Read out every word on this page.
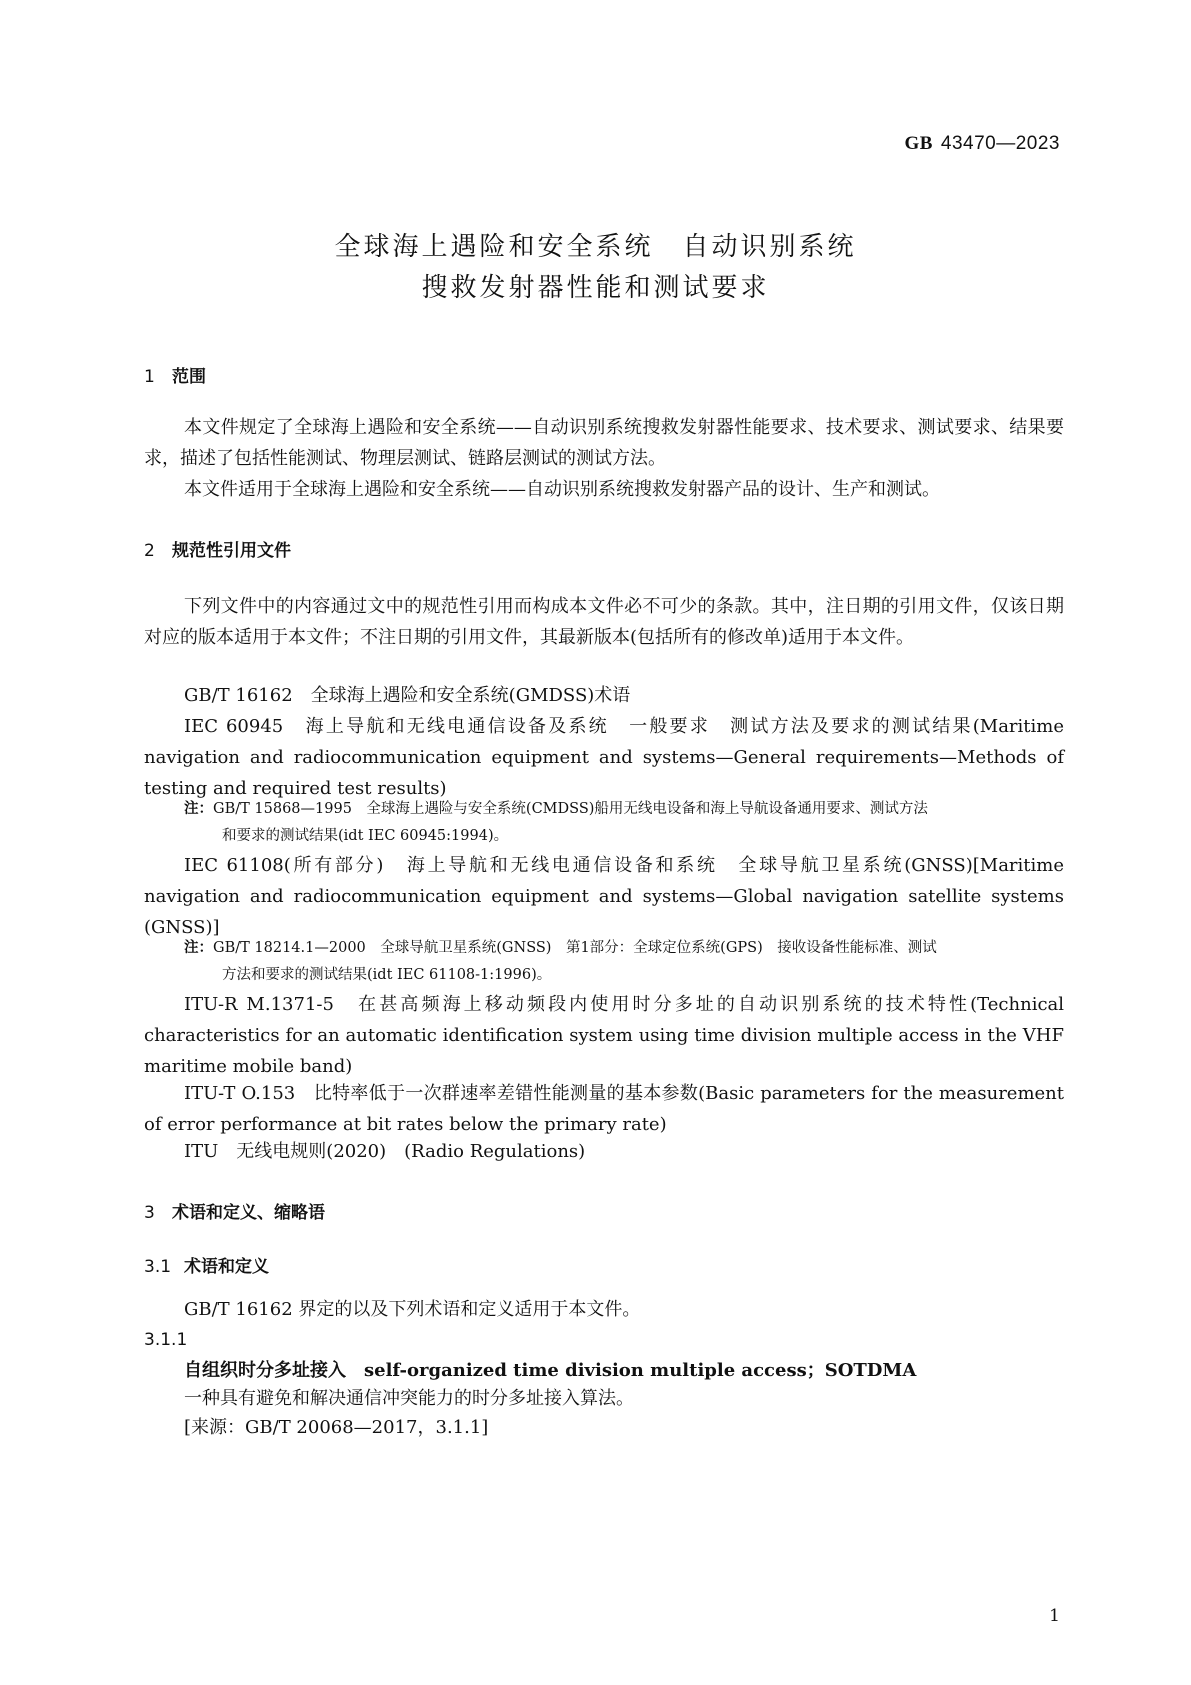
GB 43470—2023
全球海上遇险和安全系统　自动识别系统
搜救发射器性能和测试要求
1 范围
本文件规定了全球海上遇险和安全系统——自动识别系统搜救发射器性能要求、技术要求、测试要求、结果要求，描述了包括性能测试、物理层测试、链路层测试的测试方法。
本文件适用于全球海上遇险和安全系统——自动识别系统搜救发射器产品的设计、生产和测试。
2 规范性引用文件
下列文件中的内容通过文中的规范性引用而构成本文件必不可少的条款。其中，注日期的引用文件，仅该日期对应的版本适用于本文件；不注日期的引用文件，其最新版本(包括所有的修改单)适用于本文件。
GB/T 16162　 全球海上遇险和安全系统(GMDSS)术语
IEC 60945　 海上导航和无线电通信设备及系统　一般要求　测试方法及要求的测试结果(Maritime navigation and radiocommunication equipment and systems—General requirements—Methods of testing and required test results)
注：GB/T 15868—1995　全球海上遇险与安全系统(CMDSS)船用无线电设备和海上导航设备通用要求、测试方法
和要求的测试结果(idt IEC 60945:1994)。
IEC 61108(所有部分)　 海上导航和无线电通信设备和系统　全球导航卫星系统(GNSS)[Maritime navigation and radiocommunication equipment and systems—Global navigation satellite systems (GNSS)]
注：GB/T 18214.1—2000　全球导航卫星系统(GNSS)　第1部分：全球定位系统(GPS)　接收设备性能标准、测试
方法和要求的测试结果(idt IEC 61108-1:1996)。
ITU-R M.1371-5　 在甚高频海上移动频段内使用时分多址的自动识别系统的技术特性(Technical characteristics for an automatic identification system using time division multiple access in the VHF maritime mobile band)
ITU-T O.153　 比特率低于一次群速率差错性能测量的基本参数(Basic parameters for the measurement of error performance at bit rates below the primary rate)
ITU　 无线电规则(2020)　(Radio Regulations)
3 术语和定义、缩略语
3.1 术语和定义
GB/T 16162 界定的以及下列术语和定义适用于本文件。
3.1.1
自组织时分多址接入　 self-organized time division multiple access；SOTDMA
一种具有避免和解决通信冲突能力的时分多址接入算法。
[来源：GB/T 20068—2017，3.1.1]
1
